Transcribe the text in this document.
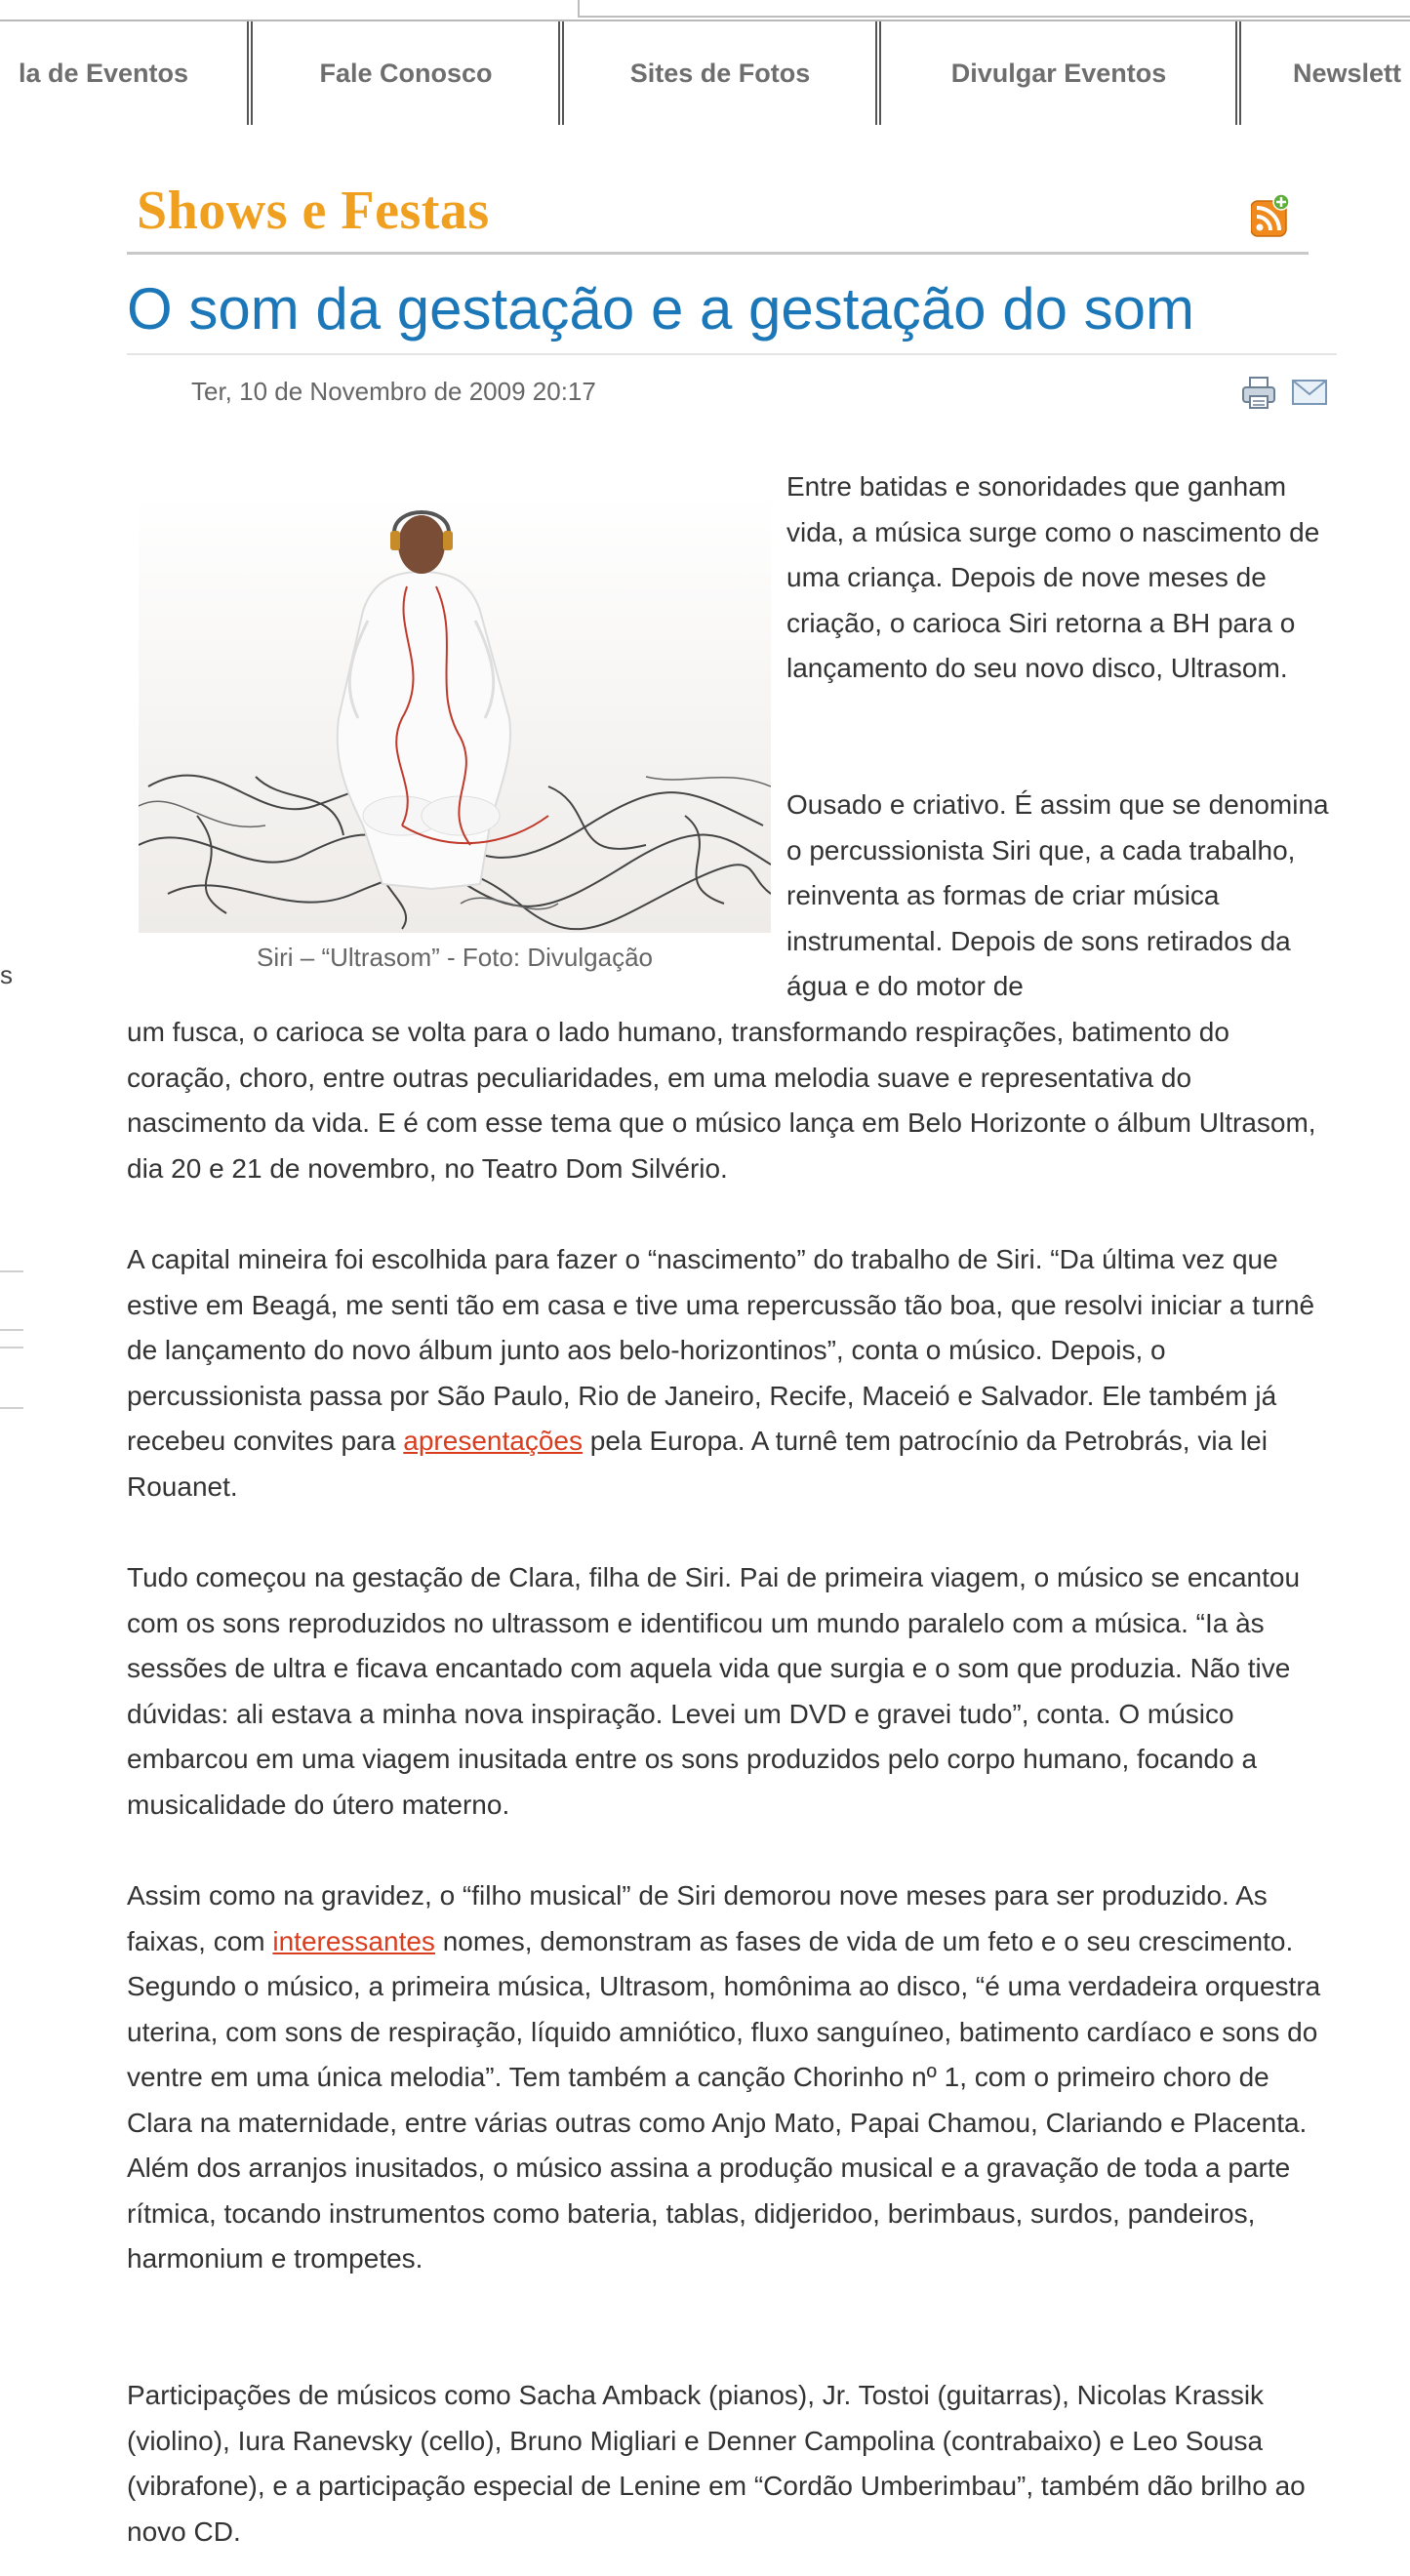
la de Eventos	Fale Conosco	Sites de Fotos	Divulgar Eventos	Newslett
Shows e Festas
O som da gestação e a gestação do som
Ter, 10 de Novembro de 2009 20:17
Siri – “Ultrasom” - Foto: Divulgação
Entre batidas e sonoridades que ganham vida, a música surge como o nascimento de uma criança. Depois de nove meses de criação, o carioca Siri retorna a BH para o lançamento do seu novo disco, Ultrasom.
Ousado e criativo. É assim que se denomina o percussionista Siri que, a cada trabalho, reinventa as formas de criar música instrumental. Depois de sons retirados da água e do motor de
um fusca, o carioca se volta para o lado humano, transformando respirações, batimento do coração, choro, entre outras peculiaridades, em uma melodia suave e representativa do nascimento da vida. E é com esse tema que o músico lança em Belo Horizonte o álbum Ultrasom, dia 20 e 21 de novembro, no Teatro Dom Silvério.
A capital mineira foi escolhida para fazer o “nascimento” do trabalho de Siri. “Da última vez que estive em Beagá, me senti tão em casa e tive uma repercussão tão boa, que resolvi iniciar a turnê de lançamento do novo álbum junto aos belo-horizontinos”, conta o músico. Depois, o percussionista passa por São Paulo, Rio de Janeiro, Recife, Maceió e Salvador. Ele também já recebeu convites para apresentações pela Europa. A turnê tem patrocínio da Petrobrás, via lei Rouanet.
Tudo começou na gestação de Clara, filha de Siri. Pai de primeira viagem, o músico se encantou com os sons reproduzidos no ultrassom e identificou um mundo paralelo com a música. “Ia às sessões de ultra e ficava encantado com aquela vida que surgia e o som que produzia. Não tive dúvidas: ali estava a minha nova inspiração. Levei um DVD e gravei tudo”, conta. O músico embarcou em uma viagem inusitada entre os sons produzidos pelo corpo humano, focando a musicalidade do útero materno.
Assim como na gravidez, o “filho musical” de Siri demorou nove meses para ser produzido. As faixas, com interessantes nomes, demonstram as fases de vida de um feto e o seu crescimento. Segundo o músico, a primeira música, Ultrasom, homônima ao disco, “é uma verdadeira orquestra uterina, com sons de respiração, líquido amniótico, fluxo sanguíneo, batimento cardíaco e sons do ventre em uma única melodia”. Tem também a canção Chorinho nº 1, com o primeiro choro de Clara na maternidade, entre várias outras como Anjo Mato, Papai Chamou, Clariando e Placenta. Além dos arranjos inusitados, o músico assina a produção musical e a gravação de toda a parte rítmica, tocando instrumentos como bateria, tablas, didjeridoo, berimbaus, surdos, pandeiros, harmonium e trompetes.
Participações de músicos como Sacha Amback (pianos), Jr. Tostoi (guitarras), Nicolas Krassik (violino), Iura Ranevsky (cello), Bruno Migliari e Denner Campolina (contrabaixo) e Leo Sousa (vibrafone), e a participação especial de Lenine em “Cordão Umberimbau”, também dão brilho ao novo CD.
s
